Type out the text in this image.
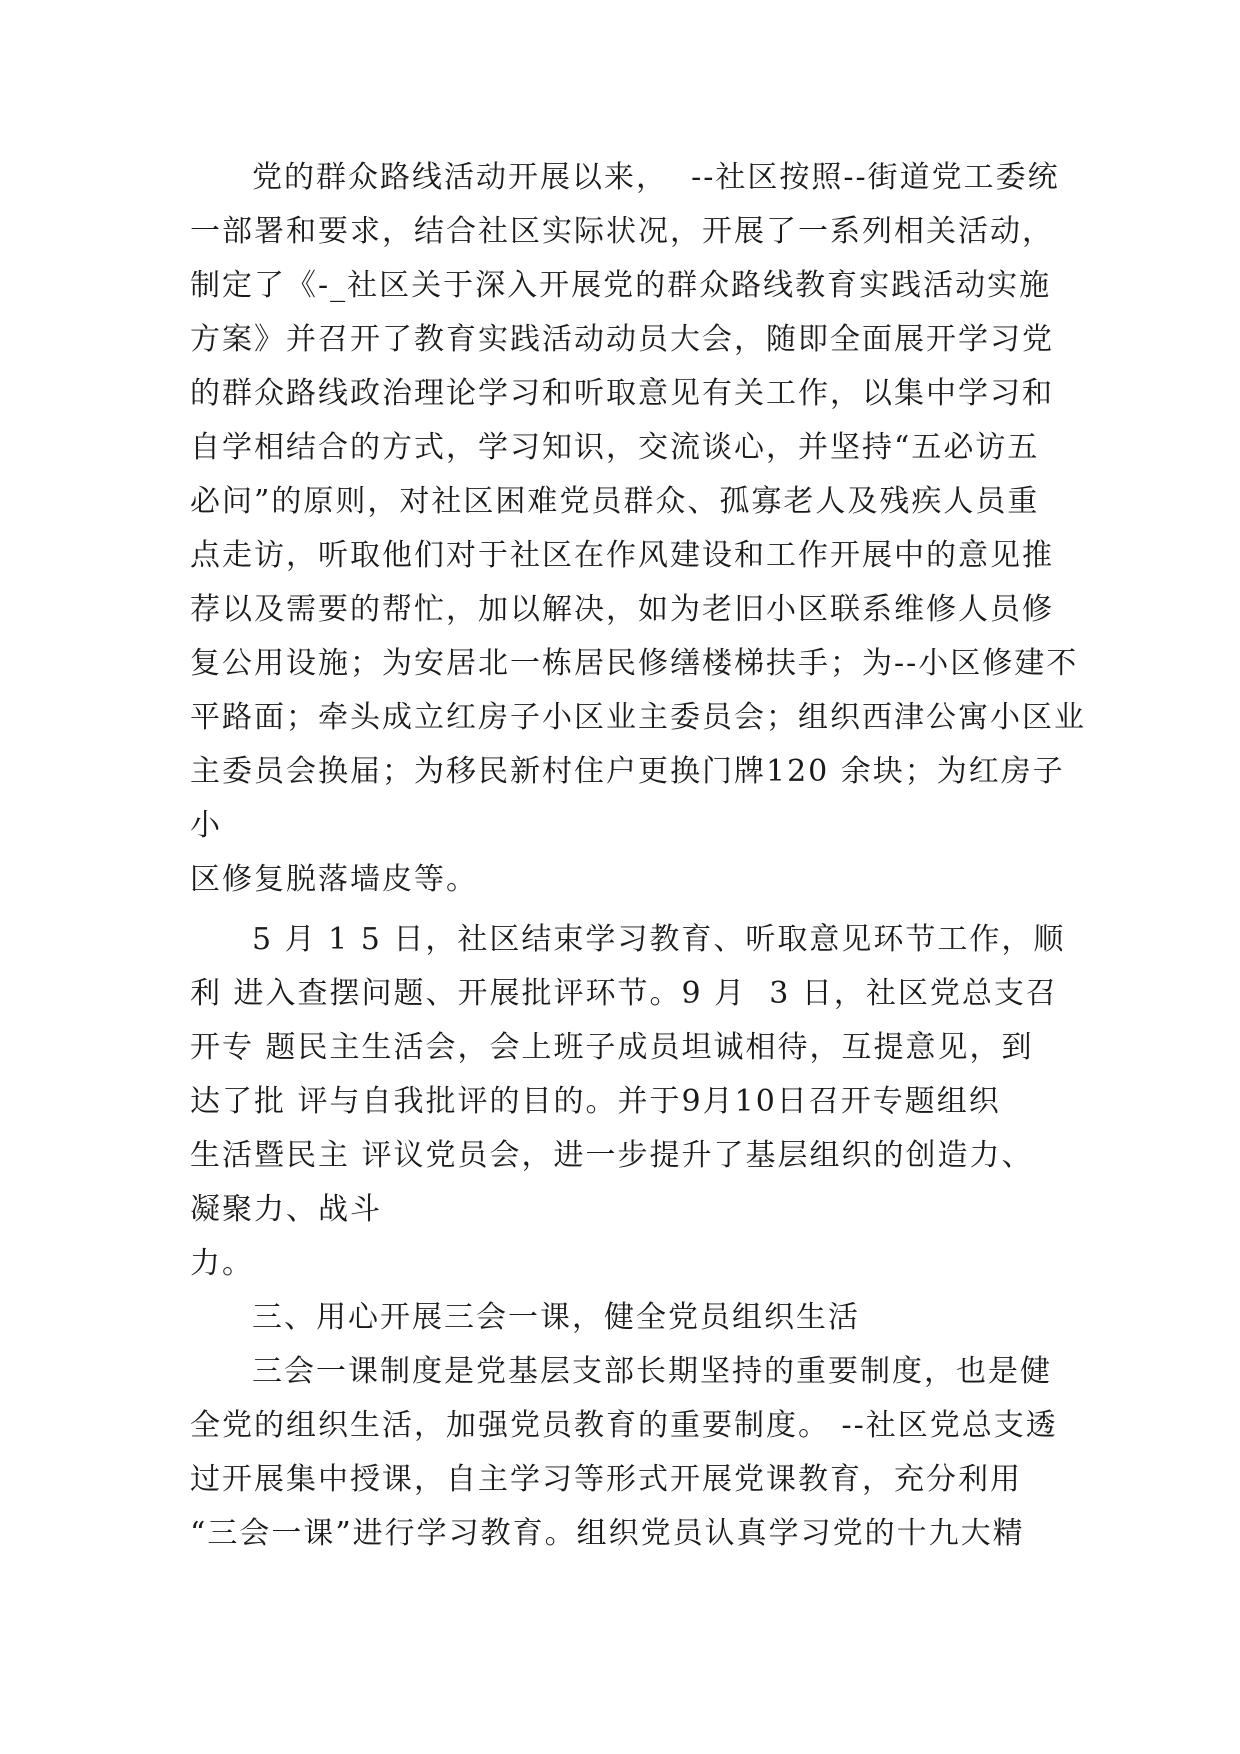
党的群众路线活动开展以来，  --社区按照--街道党工委统
一部署和要求，结合社区实际状况，开展了一系列相关活动，
制定了《-_社区关于深入开展党的群众路线教育实践活动实施
方案》并召开了教育实践活动动员大会，随即全面展开学习党
的群众路线政治理论学习和听取意见有关工作，以集中学习和
自学相结合的方式，学习知识，交流谈心，并坚持“五必访五
必问”的原则，对社区困难党员群众、孤寡老人及残疾人员重
点走访，听取他们对于社区在作风建设和工作开展中的意见推
荐以及需要的帮忙，加以解决，如为老旧小区联系维修人员修
复公用设施；为安居北一栋居民修缮楼梯扶手；为--小区修建不
平路面；牵头成立红房子小区业主委员会；组织西津公寓小区业
主委员会换届；为移民新村住户更换门牌120 余块；为红房子
小
区修复脱落墙皮等。
5 月 1 5 日，社区结束学习教育、听取意见环节工作，顺
利 进入查摆问题、开展批评环节。9 月  3 日，社区党总支召
开专 题民主生活会，会上班子成员坦诚相待，互提意见，到
达了批 评与自我批评的目的。并于9月10日召开专题组织
生活暨民主 评议党员会，进一步提升了基层组织的创造力、
凝聚力、战斗
力。
三、用心开展三会一课，健全党员组织生活
三会一课制度是党基层支部长期坚持的重要制度，也是健
全党的组织生活，加强党员教育的重要制度。 --社区党总支透
过开展集中授课，自主学习等形式开展党课教育，充分利用
“三会一课”进行学习教育。组织党员认真学习党的十九大精
